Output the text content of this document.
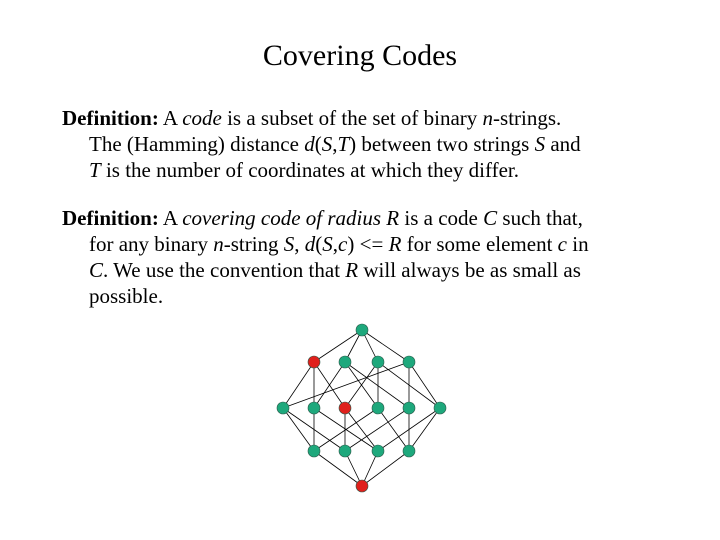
Covering Codes
Definition: A code is a subset of the set of binary n-strings.
The (Hamming) distance d(S,T) between two strings S and
T is the number of coordinates at which they differ.
Definition: A covering code of radius R is a code C such that,
for any binary n-string S, d(S,c) <= R for some element c in
C. We use the convention that R will always be as small as
possible.
